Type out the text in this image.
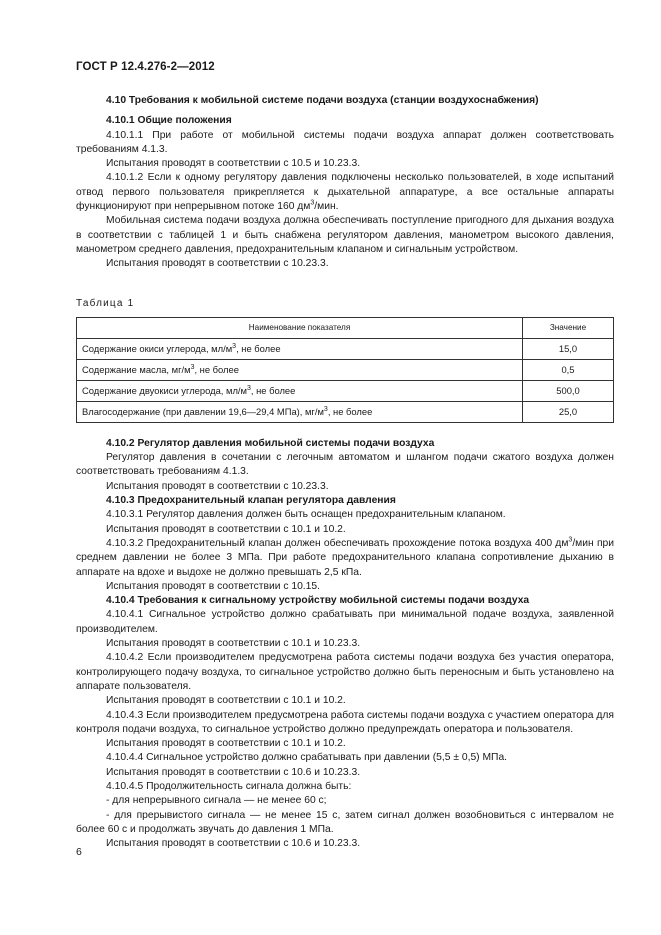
ГОСТ Р 12.4.276-2—2012

4.10 Требования к мобильной системе подачи воздуха (станции воздухоснабжения)

4.10.1 Общие положения

4.10.1.1 При работе от мобильной системы подачи воздуха аппарат должен соответствовать требованиям 4.1.3.

Испытания проводят в соответствии с 10.5 и 10.23.3.

4.10.1.2 Если к одному регулятору давления подключены несколько пользователей, в ходе испытаний отвод первого пользователя прикрепляется к дыхательной аппаратуре, а все остальные аппараты функционируют при непрерывном потоке 160 $дм^3$/мин.

Мобильная система подачи воздуха должна обеспечивать поступление пригодного для дыхания воздуха в соответствии с таблицей 1 и быть снабжена регулятором давления, манометром высокого давления, манометром среднего давления, предохранительным клапаном и сигнальным устройством.

Испытания проводят в соответствии с 10.23.3.

Таблица 1

Наименование показателя	Значение
Содержание окиси углерода, $мл/м^3$, не более	15,0
Содержание масла, $мг/м^3$, не более	0,5
Содержание двуокиси углерода, $мл/м^3$, не более	500,0
Влагосодержание (при давлении 19,6—29,4 МПа), $мг/м^3$, не более	25,0

4.10.2 Регулятор давления мобильной системы подачи воздуха

Регулятор давления в сочетании с легочным автоматом и шлангом подачи сжатого воздуха должен соответствовать требованиям 4.1.3.

Испытания проводят в соответствии с 10.23.3.

4.10.3 Предохранительный клапан регулятора давления

4.10.3.1 Регулятор давления должен быть оснащен предохранительным клапаном.

Испытания проводят в соответствии с 10.1 и 10.2.

4.10.3.2 Предохранительный клапан должен обеспечивать прохождение потока воздуха 400 $дм^3$/мин при среднем давлении не более 3 МПа. При работе предохранительного клапана сопротивление дыханию в аппарате на вдохе и выдохе не должно превышать 2,5 кПа.

Испытания проводят в соответствии с 10.15.

4.10.4 Требования к сигнальному устройству мобильной системы подачи воздуха

4.10.4.1 Сигнальное устройство должно срабатывать при минимальной подаче воздуха, заявленной производителем.

Испытания проводят в соответствии с 10.1 и 10.23.3.

4.10.4.2 Если производителем предусмотрена работа системы подачи воздуха без участия оператора, контролирующего подачу воздуха, то сигнальное устройство должно быть переносным и быть установлено на аппарате пользователя.

Испытания проводят в соответствии с 10.1 и 10.2.

4.10.4.3 Если производителем предусмотрена работа системы подачи воздуха с участием оператора для контроля подачи воздуха, то сигнальное устройство должно предупреждать оператора и пользователя.

Испытания проводят в соответствии с 10.1 и 10.2.

4.10.4.4 Сигнальное устройство должно срабатывать при давлении (5,5 ± 0,5) МПа.

Испытания проводят в соответствии с 10.6 и 10.23.3.

4.10.4.5 Продолжительность сигнала должна быть:

- для непрерывного сигнала — не менее 60 с;

- для прерывистого сигнала — не менее 15 с, затем сигнал должен возобновиться с интервалом не более 60 с и продолжать звучать до давления 1 МПа.

Испытания проводят в соответствии с 10.6 и 10.23.3.

6
